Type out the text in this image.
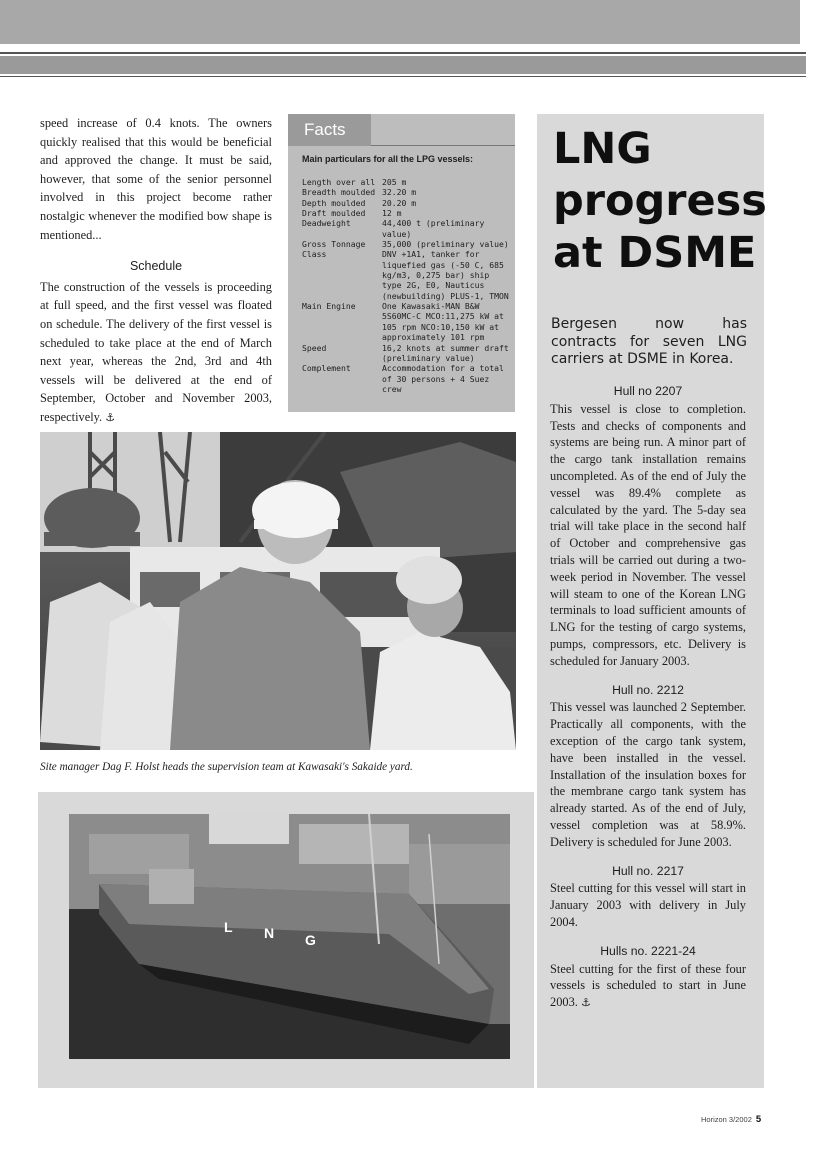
speed increase of 0.4 knots. The owners quickly realised that this would be beneficial and approved the change. It must be said, however, that some of the senior personnel involved in this project become rather nostalgic whenever the modified bow shape is mentioned...

Schedule

The construction of the vessels is proceeding at full speed, and the first vessel was floated on schedule. The delivery of the first vessel is scheduled to take place at the end of March next year, whereas the 2nd, 3rd and 4th vessels will be delivered at the end of September, October and November 2003, respectively. ⚓

Facts
Main particulars for all the LPG vessels:
Length over all 205 m
Breadth moulded 32.20 m
Depth moulded	20.20 m
Draft moulded	12 m
Deadweight	44,400 t (preliminary value)
Gross Tonnage	35,000 (preliminary value)
Class	DNV +1A1, tanker for liquefied gas (-50 C, 685 kg/m3, 0,275 bar) ship type 2G, E0, Nauticus (newbuilding) PLUS-1, TMON
Main Engine	One Kawasaki-MAN B&W 5S60MC-C MCO:11,275 kW at 105 rpm NCO:10,150 kW at approximately 101 rpm
Speed	16,2 knots at summer draft (preliminary value)
Complement	Accommodation for a total of 30 persons + 4 Suez crew
Site manager Dag F. Holst heads the supervision team at Kawasaki's Sakaide yard.
L N G
LNG
progress
at DSME

Bergesen now has contracts for seven LNG carriers at DSME in Korea.

Hull no 2207

This vessel is close to completion. Tests and checks of components and systems are being run. A minor part of the cargo tank installation remains uncompleted. As of the end of July the vessel was 89.4% complete as calculated by the yard. The 5-day sea trial will take place in the second half of October and comprehensive gas trials will be carried out during a two-week period in November. The vessel will steam to one of the Korean LNG terminals to load sufficient amounts of LNG for the testing of cargo systems, pumps, compressors, etc. Delivery is scheduled for January 2003.

Hull no. 2212

This vessel was launched 2 September. Practically all components, with the exception of the cargo tank system, have been installed in the vessel. Installation of the insulation boxes for the membrane cargo tank system has already started. As of the end of July, vessel completion was at 58.9%. Delivery is scheduled for June 2003.

Hull no. 2217

Steel cutting for this vessel will start in January 2003 with delivery in July 2004.

Hulls no. 2221-24

Steel cutting for the first of these four vessels is scheduled to start in June 2003. ⚓

Horizon 3/2002 5
